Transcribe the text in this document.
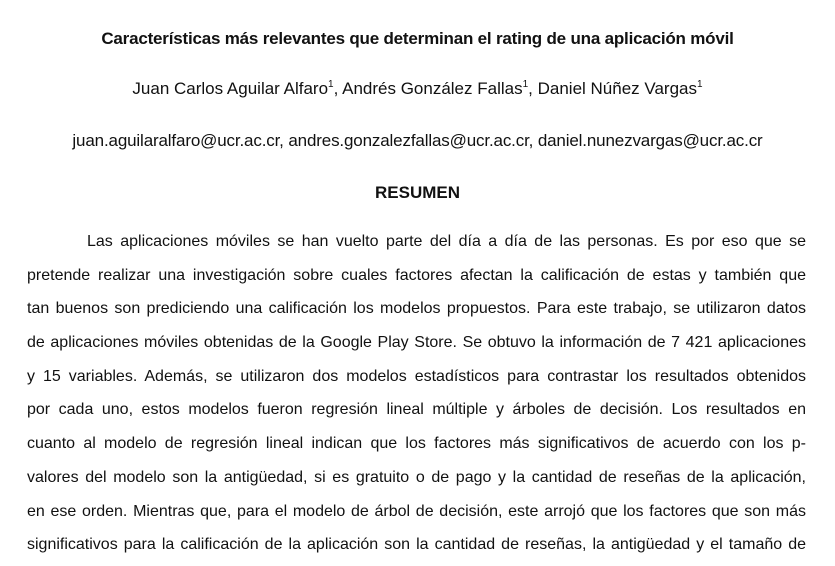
Características más relevantes que determinan el rating de una aplicación móvil
Juan Carlos Aguilar Alfaro$^1$, Andrés González Fallas$^1$, Daniel Núñez Vargas$^1$
juan.aguilaralfaro@ucr.ac.cr, andres.gonzalezfallas@ucr.ac.cr, daniel.nunezvargas@ucr.ac.cr
RESUMEN
Las aplicaciones móviles se han vuelto parte del día a día de las personas. Es por eso que se
pretende realizar una investigación sobre cuales factores afectan la calificación de estas y también que
tan buenos son prediciendo una calificación los modelos propuestos. Para este trabajo, se utilizaron datos
de aplicaciones móviles obtenidas de la Google Play Store. Se obtuvo la información de 7 421 aplicaciones
y 15 variables. Además, se utilizaron dos modelos estadísticos para contrastar los resultados obtenidos
por cada uno, estos modelos fueron regresión lineal múltiple y árboles de decisión. Los resultados en
cuanto al modelo de regresión lineal indican que los factores más significativos de acuerdo con los p-
valores del modelo son la antigüedad, si es gratuito o de pago y la cantidad de reseñas de la aplicación,
en ese orden. Mientras que, para el modelo de árbol de decisión, este arrojó que los factores que son más
significativos para la calificación de la aplicación son la cantidad de reseñas, la antigüedad y el tamaño de
